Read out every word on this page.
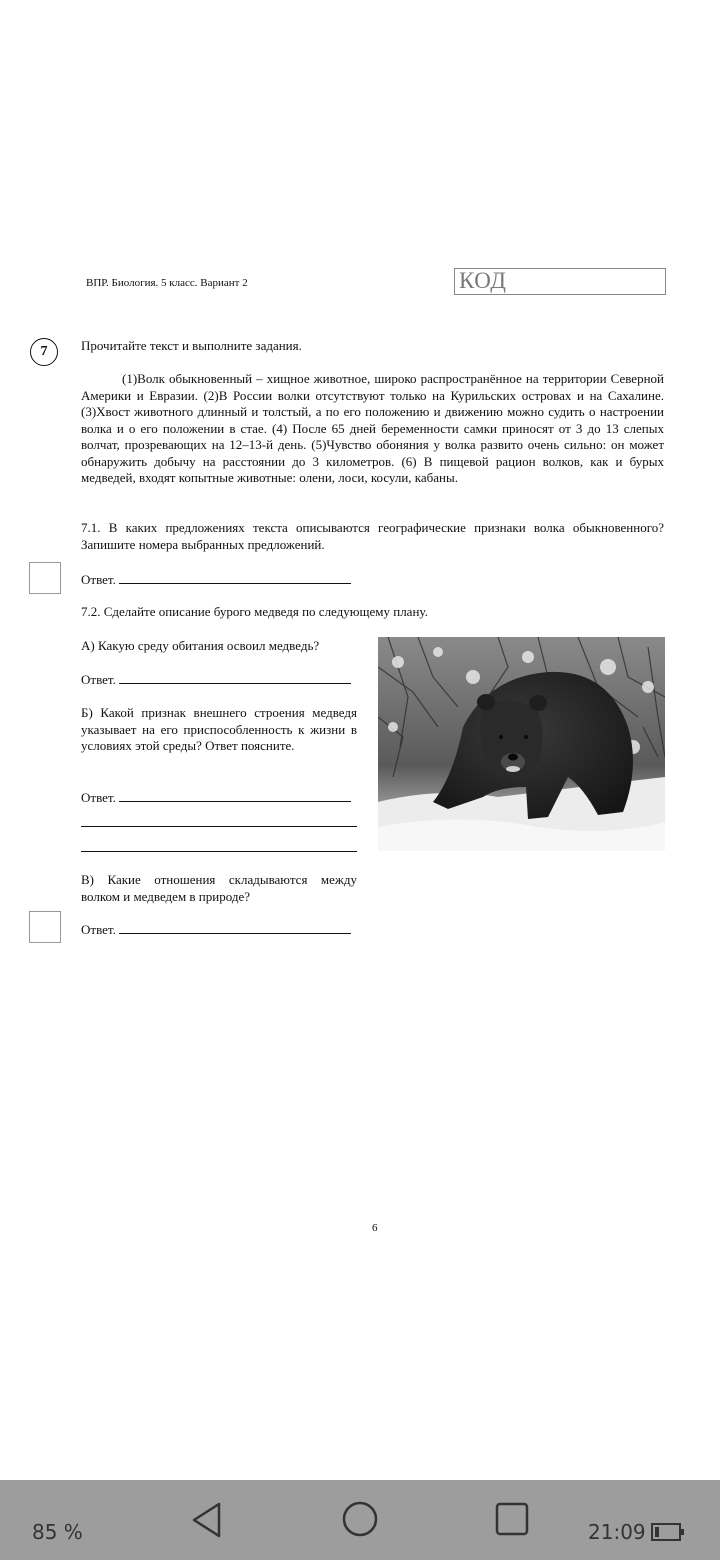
ВПР. Биология. 5 класс. Вариант 2	КОД
7	Прочитайте текст и выполните задания.
(1)Волк обыкновенный – хищное животное, широко распространённое на территории Северной Америки и Евразии. (2)В России волки отсутствуют только на Курильских островах и на Сахалине. (3)Хвост животного длинный и толстый, а по его положению и движению можно судить о настроении волка и о его положении в стае. (4) После 65 дней беременности самки приносят от 3 до 13 слепых волчат, прозревающих на 12–13-й день. (5)Чувство обоняния у волка развито очень сильно: он может обнаружить добычу на расстоянии до 3 километров. (6) В пищевой рацион волков, как и бурых медведей, входят копытные животные: олени, лоси, косули, кабаны.
7.1. В каких предложениях текста описываются географические признаки волка обыкновенного? Запишите номера выбранных предложений.
Ответ.
7.2. Сделайте описание бурого медведя по следующему плану.
А) Какую среду обитания освоил медведь?
Ответ.
Б) Какой признак внешнего строения медведя указывает на его приспособленность к жизни в условиях этой среды? Ответ поясните.
Ответ.
В) Какие отношения складываются между волком и медведем в природе?
Ответ.
6
85 %	21:09
